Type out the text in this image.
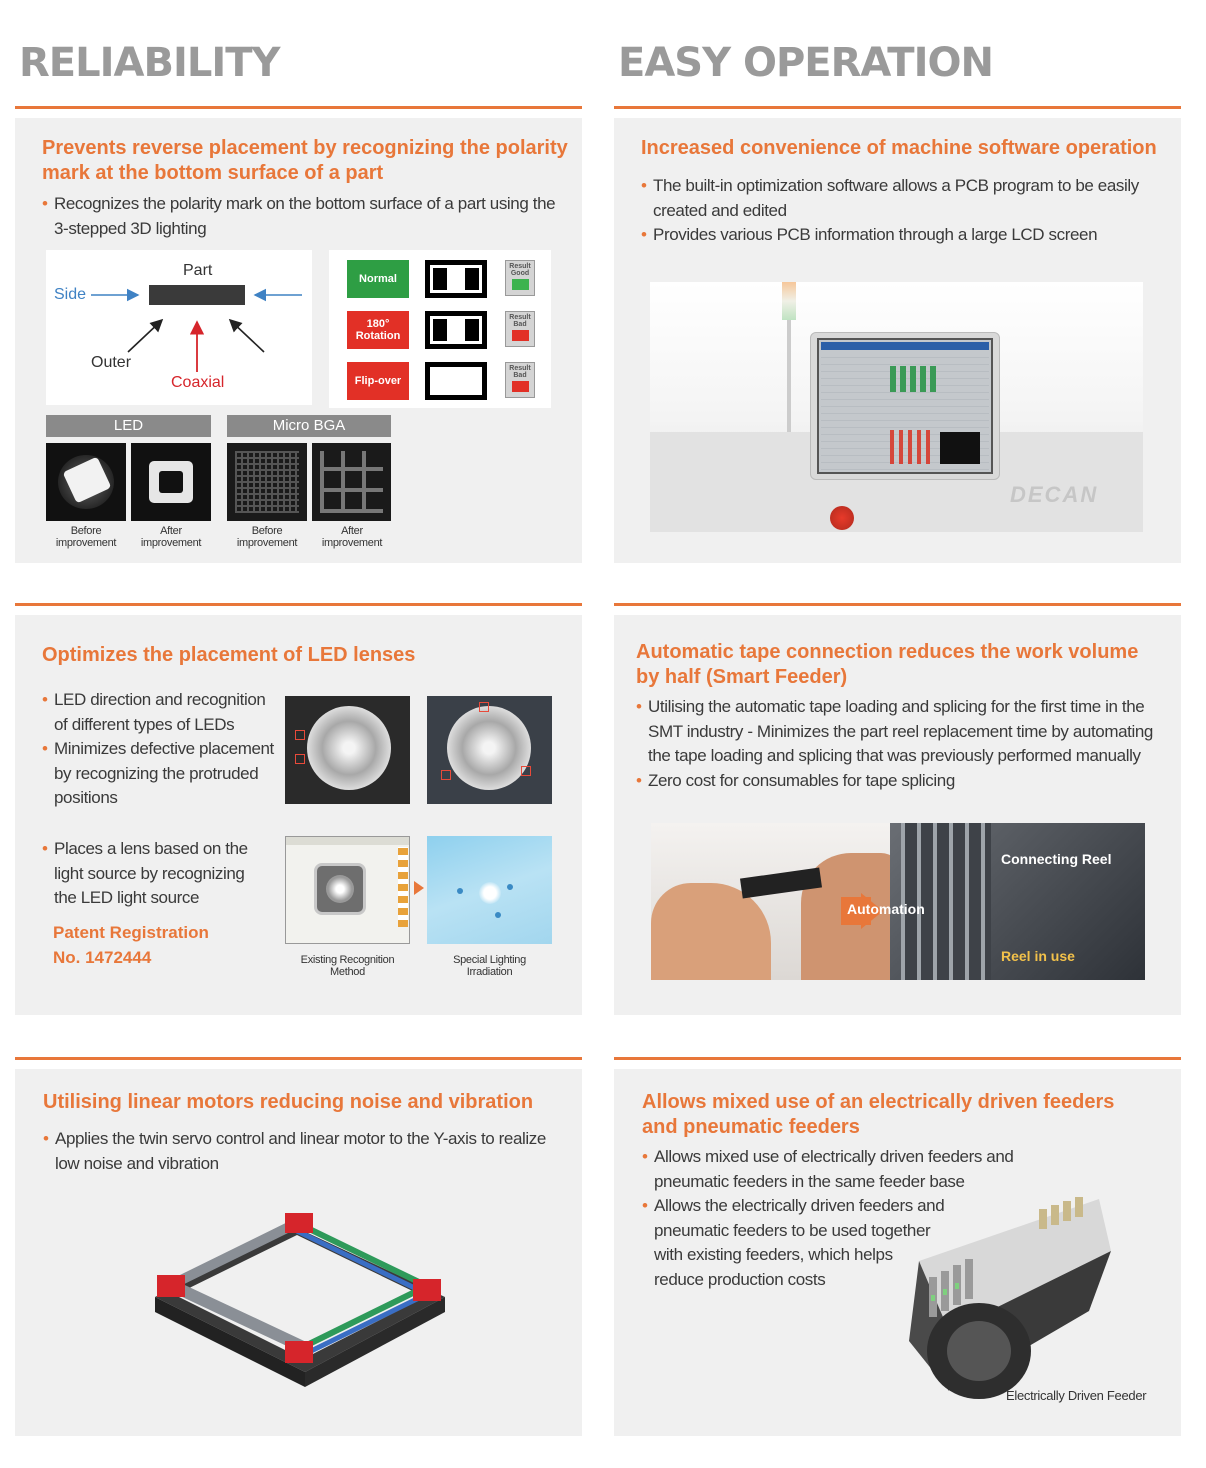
RELIABILITY	EASY OPERATION
Prevents reverse placement by recognizing the polarity
mark at the bottom surface of a part
• Recognizes the polarity mark on the bottom surface of a part using the
3-stepped 3D lighting
Part
Side
Outer
Coaxial
Normal
Result
Good
180°
Rotation
Result
Bad
Flip-over
Result
Bad
LED	Micro BGA
Before
improvement
After
improvement
Before
improvement
After
improvement
Increased convenience of machine software operation
• The built-in optimization software allows a PCB program to be easily
created and edited
• Provides various PCB information through a large LCD screen
DECAN
Optimizes the placement of LED lenses
• LED direction and recognition
of different types of LEDs
• Minimizes defective placement
by recognizing the protruded
positions
• Places a lens based on the
light source by recognizing
the LED light source
Patent Registration
No. 1472444	Existing Recognition
Method
Special Lighting
Irradiation
Automatic tape connection reduces the work volume
by half (Smart Feeder)
• Utilising the automatic tape loading and splicing for the first time in the
SMT industry - Minimizes the part reel replacement time by automating
the tape loading and splicing that was previously performed manually
• Zero cost for consumables for tape splicing
Automation
Connecting Reel
Reel in use
Utilising linear motors reducing noise and vibration
• Applies the twin servo control and linear motor to the Y-axis to realize
low noise and vibration
Allows mixed use of an electrically driven feeders
and pneumatic feeders
• Allows mixed use of electrically driven feeders and
pneumatic feeders in the same feeder base
• Allows the electrically driven feeders and
pneumatic feeders to be used together
with existing feeders, which helps
reduce production costs
Electrically Driven Feeder
